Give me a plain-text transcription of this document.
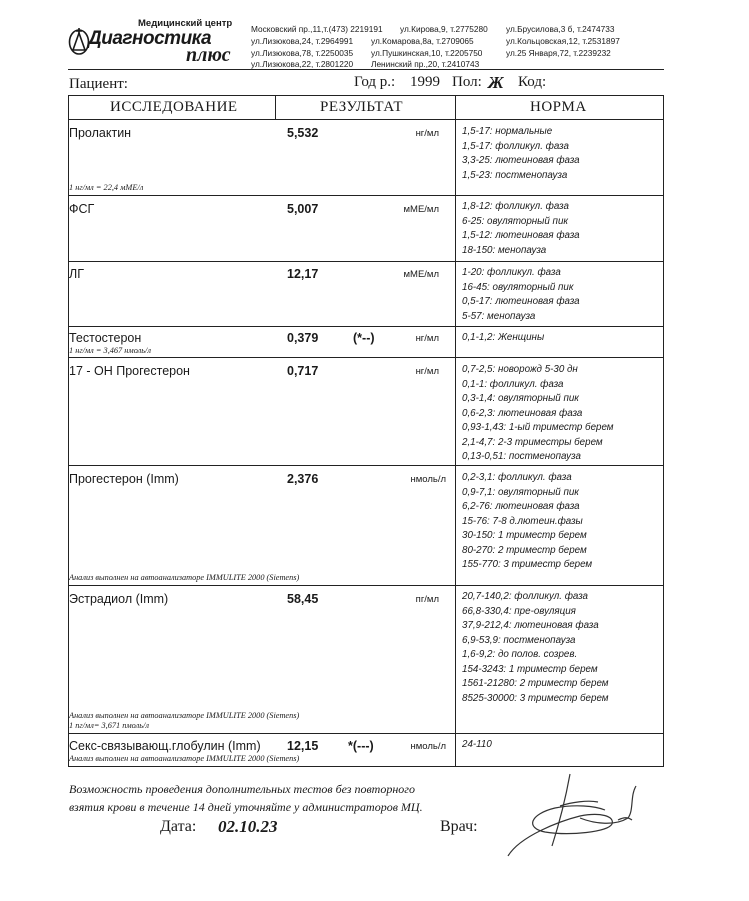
Медицинский центр
Диагностика
плюс
Московский пр.,11,т.(473) 2219191 ул.Кирова,9, т.2775280 ул.Брусилова,3 б, т.2474733
ул.Лизюкова,24, т.2964991 ул.Комарова,8а, т.2709065	ул.Кольцовская,12, т.2531897
ул.Лизюкова,78, т.2250035 ул.Пушкинская,10, т.2205750	ул.25 Января,72, т.2239232
ул.Лизюкова,22, т.2801220 Ленинский пр.,20, т.2410743
Пациент:	Год р.: 1999 Пол: Ж Код:
ИССЛЕДОВАНИЕ	РЕЗУЛЬТАТ	НОРМА
Пролактин	5,532	нг/мл 1,5-17: нормальные
1,5-17: фолликул. фаза
3,3-25: лютеиновая фаза
1,5-23: постменопауза
1 нг/мл = 22,4 мМЕ/л
ФСГ	5,007	мМЕ/мл 1,8-12: фолликул. фаза
6-25: овуляторный пик
1,5-12: лютеиновая фаза
18-150: менопауза
ЛГ	12,17	мМЕ/мл 1-20: фолликул. фаза
16-45: овуляторный пик
0,5-17: лютеиновая фаза
5-57: менопауза
Тестостерон	0,379	(*--)	нг/мл 0,1-1,2: Женщины
1 нг/мл = 3,467 нмоль/л
17 - ОН Прогестерон	0,717	нг/мл 0,7-2,5: новорожд 5-30 дн
0,1-1: фолликул. фаза
0,3-1,4: овуляторный пик
0,6-2,3: лютеиновая фаза
0,93-1,43: 1-ый триместр берем
2,1-4,7: 2-3 триместры берем
0,13-0,51: постменопауза
Прогестерон (Imm)	2,376	нмоль/л 0,2-3,1: фолликул. фаза
0,9-7,1: овуляторный пик
6,2-76: лютеиновая фаза
15-76: 7-8 д.лютеин.фазы
30-150: 1 триместр берем
80-270: 2 триместр берем
155-770: 3 триместр берем
Анализ выполнен на автоанализаторе IMMULITE 2000 (Siemens)
Эстрадиол (Imm)	58,45	пг/мл 20,7-140,2: фолликул. фаза
66,8-330,4: пре-овуляция
37,9-212,4: лютеиновая фаза
6,9-53,9: постменопауза
1,6-9,2: до полов. созрев.
154-3243: 1 триместр берем
1561-21280: 2 триместр берем
8525-30000: 3 триместр берем
Анализ выполнен на автоанализаторе IMMULITE 2000 (Siemens)
1 пг/мл= 3,671 пмоль/л
Секс-связывающ.глобулин (Imm) 12,15 *(---)	нмоль/л 24-110
Анализ выполнен на автоанализаторе IMMULITE 2000 (Siemens)
Возможность проведения дополнительных тестов без повторного
взятия крови в течение 14 дней уточняйте у администраторов МЦ.
Дата: 02.10.23	Врач:
